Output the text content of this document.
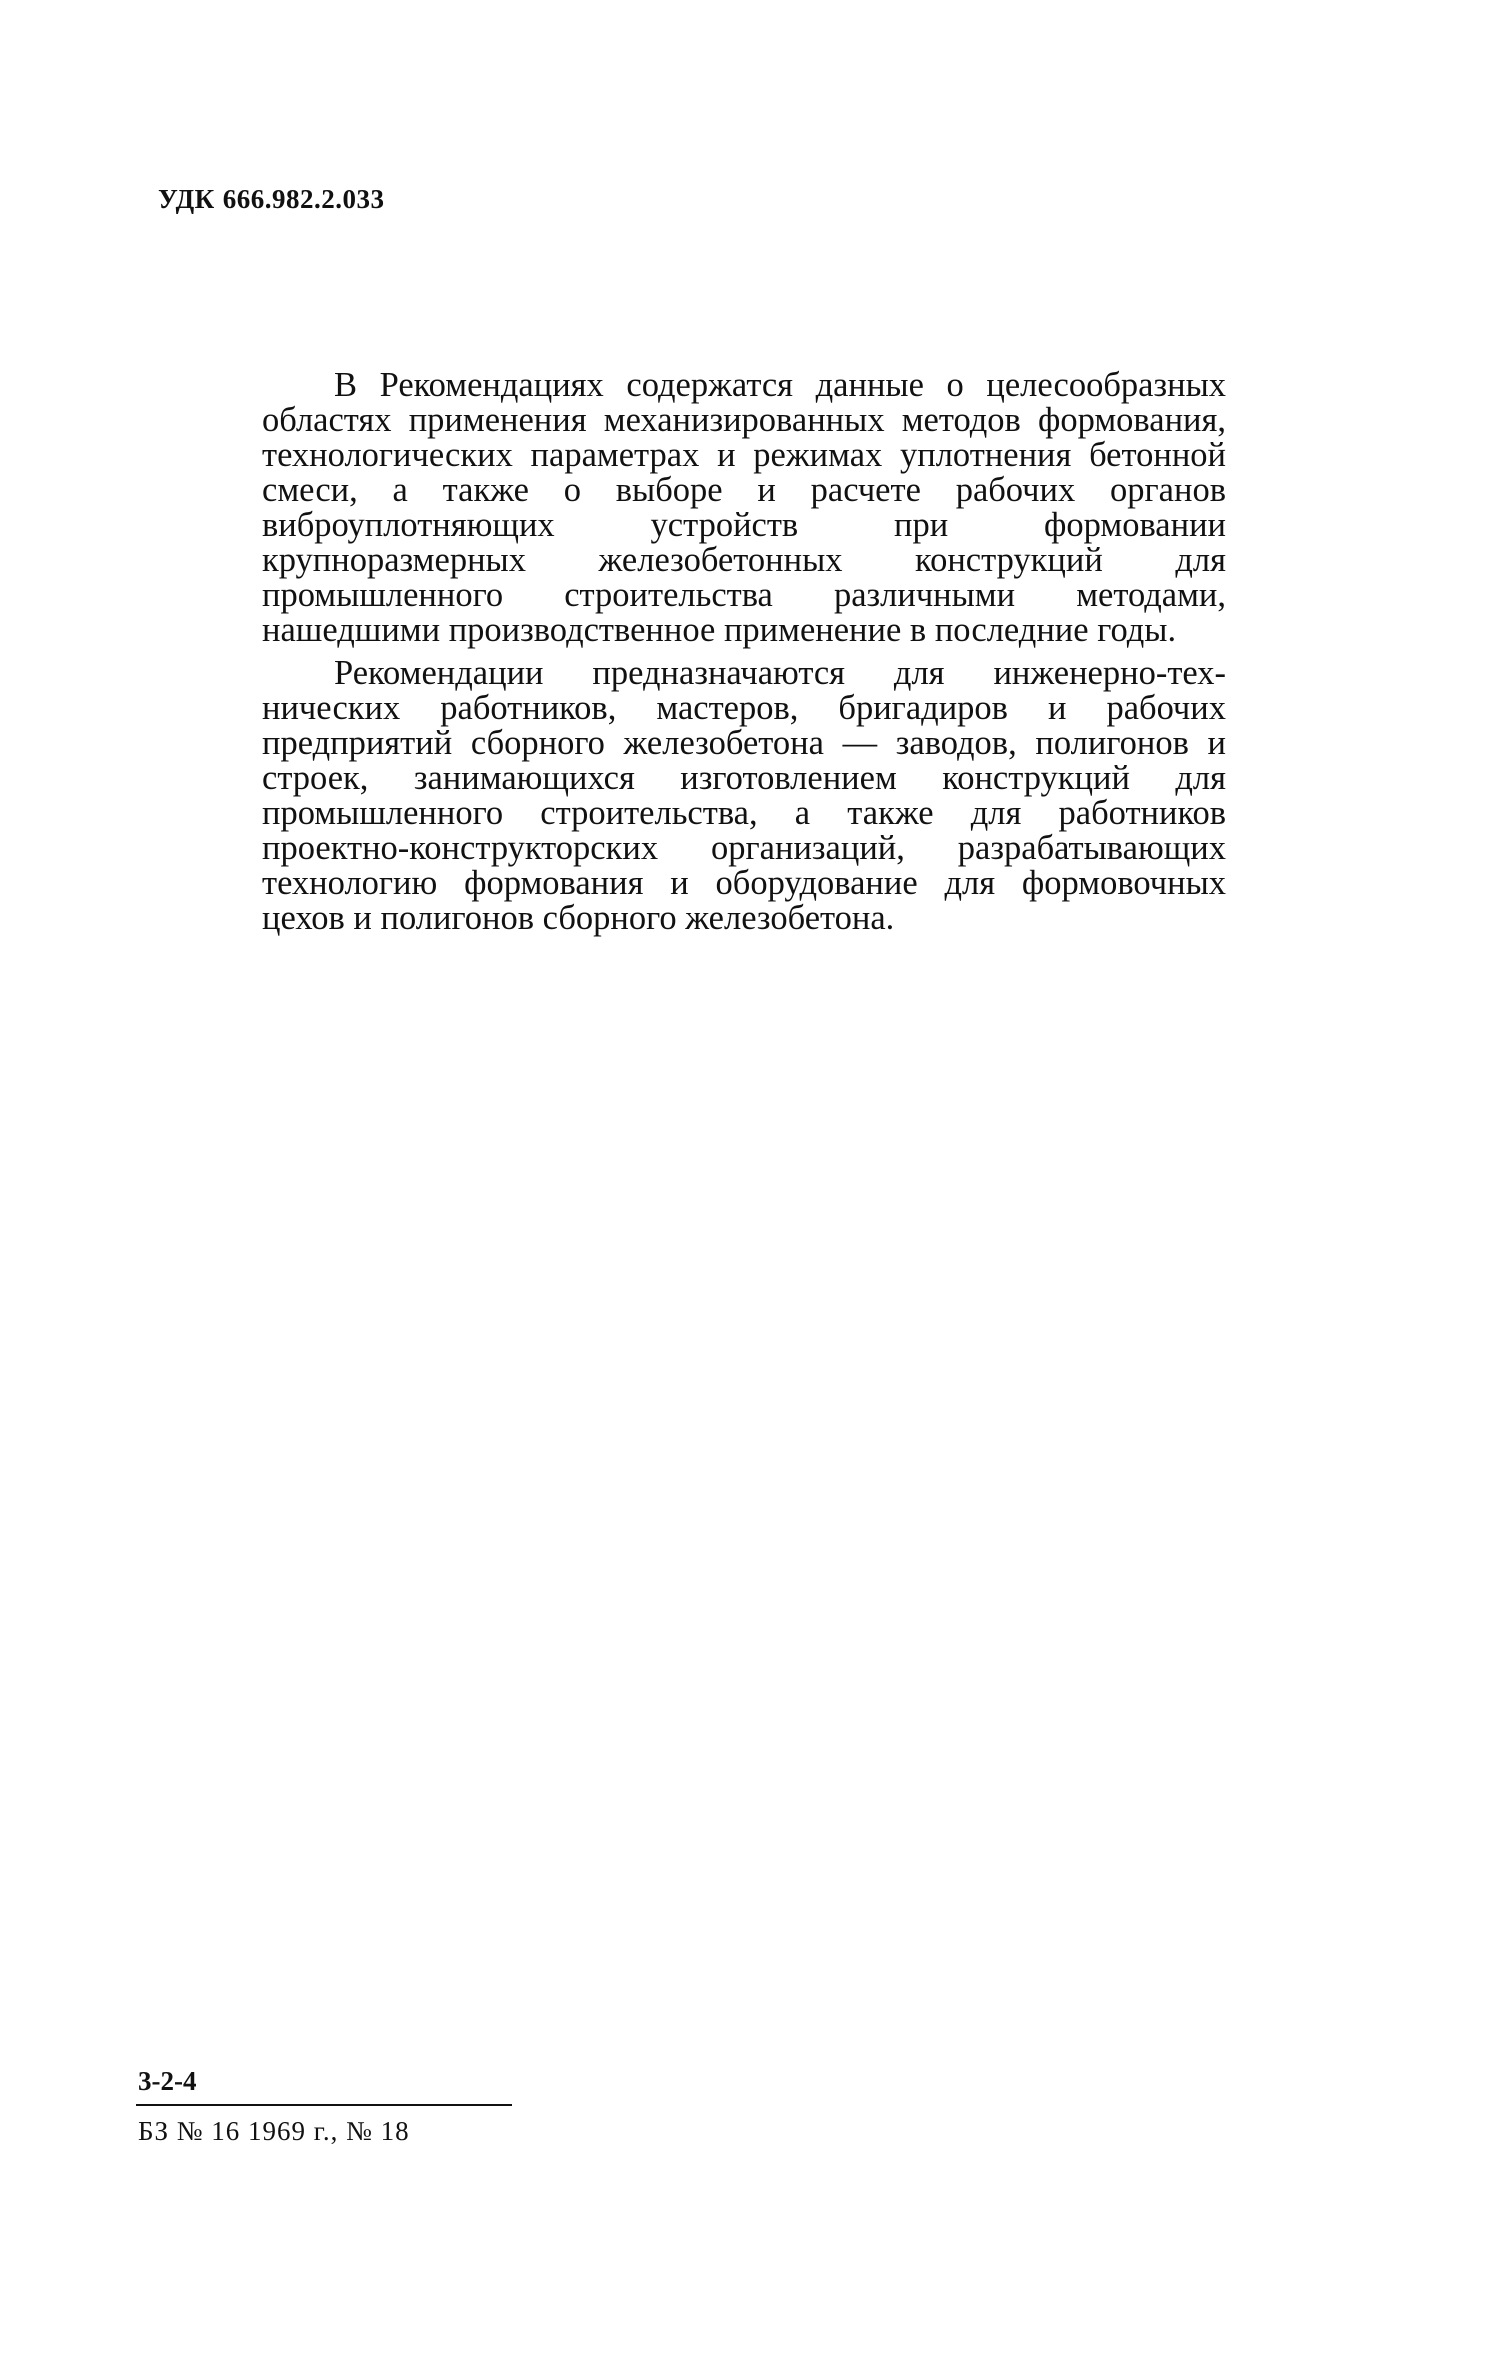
УДК 666.982.2.033

В Рекомендациях содержатся данные о целесообразных областях применения механизированных методов формования, технологических параметрах и режимах уплотнения бетонной смеси, а также о выборе и расчете рабочих органов виброуплотняющих устройств при формовании крупноразмерных железобетонных конструкций для промышленного строительства различными методами, нашедшими производственное применение в последние годы.

Рекомендации предназначаются для инженерно-технических работников, мастеров, бригадиров и рабочих предприятий сборного железобетона — заводов, полигонов и строек, занимающихся изготовлением конструкций для промышленного строительства, а также для работников проектно-конструкторских организаций, разрабатывающих технологию формования и оборудование для формовочных цехов и полигонов сборного железобетона.

3-2-4
БЗ № 16 1969 г., № 18
